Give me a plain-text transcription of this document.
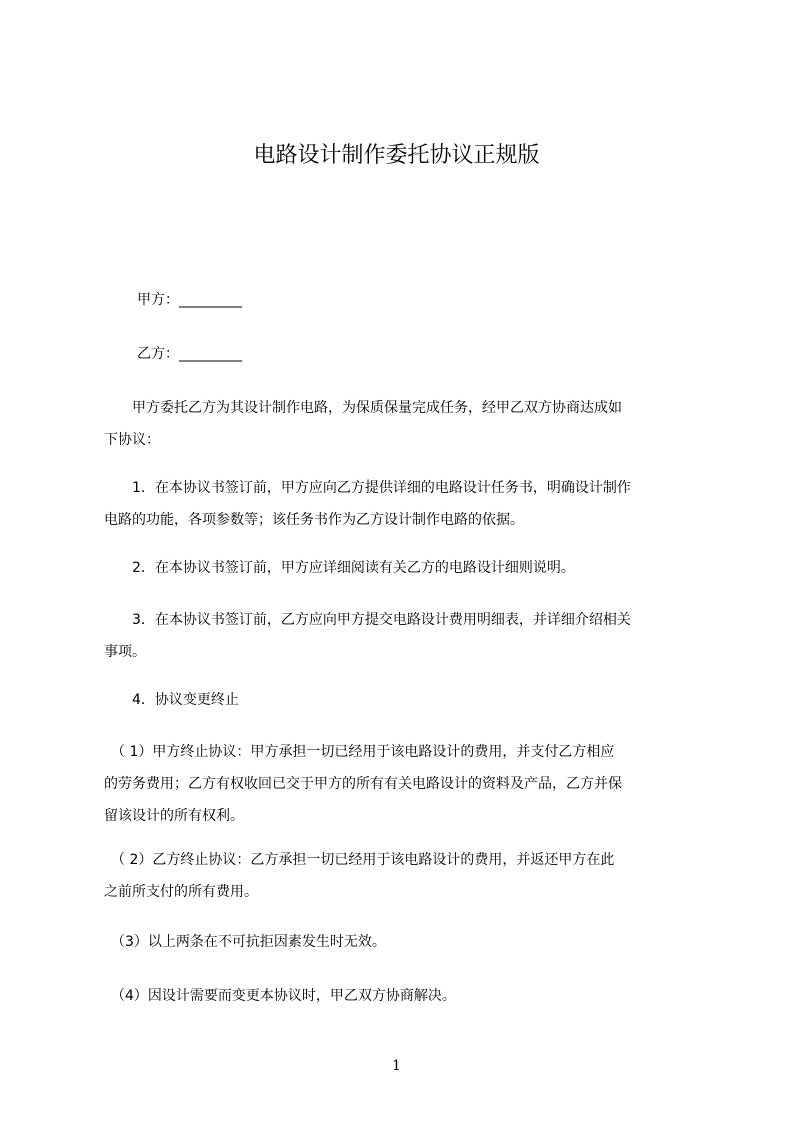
电路设计制作委托协议正规版
甲方：_________
乙方：_________
　　甲方委托乙方为其设计制作电路，为保质保量完成任务，经甲乙双方协商达成如
下协议：
　　1．在本协议书签订前，甲方应向乙方提供详细的电路设计任务书，明确设计制作
电路的功能，各项参数等；该任务书作为乙方设计制作电路的依据。
　　2．在本协议书签订前，甲方应详细阅读有关乙方的电路设计细则说明。
　　3．在本协议书签订前，乙方应向甲方提交电路设计费用明细表，并详细介绍相关
事项。
　　4．协议变更终止
　（ 1）甲方终止协议：甲方承担一切已经用于该电路设计的费用，并支付乙方相应
的劳务费用；乙方有权收回已交于甲方的所有有关电路设计的资料及产品，乙方并保
留该设计的所有权利。
　（ 2）乙方终止协议：乙方承担一切已经用于该电路设计的费用，并返还甲方在此
之前所支付的所有费用。
　（3）以上两条在不可抗拒因素发生时无效。
　（4）因设计需要而变更本协议时，甲乙双方协商解决。
1
